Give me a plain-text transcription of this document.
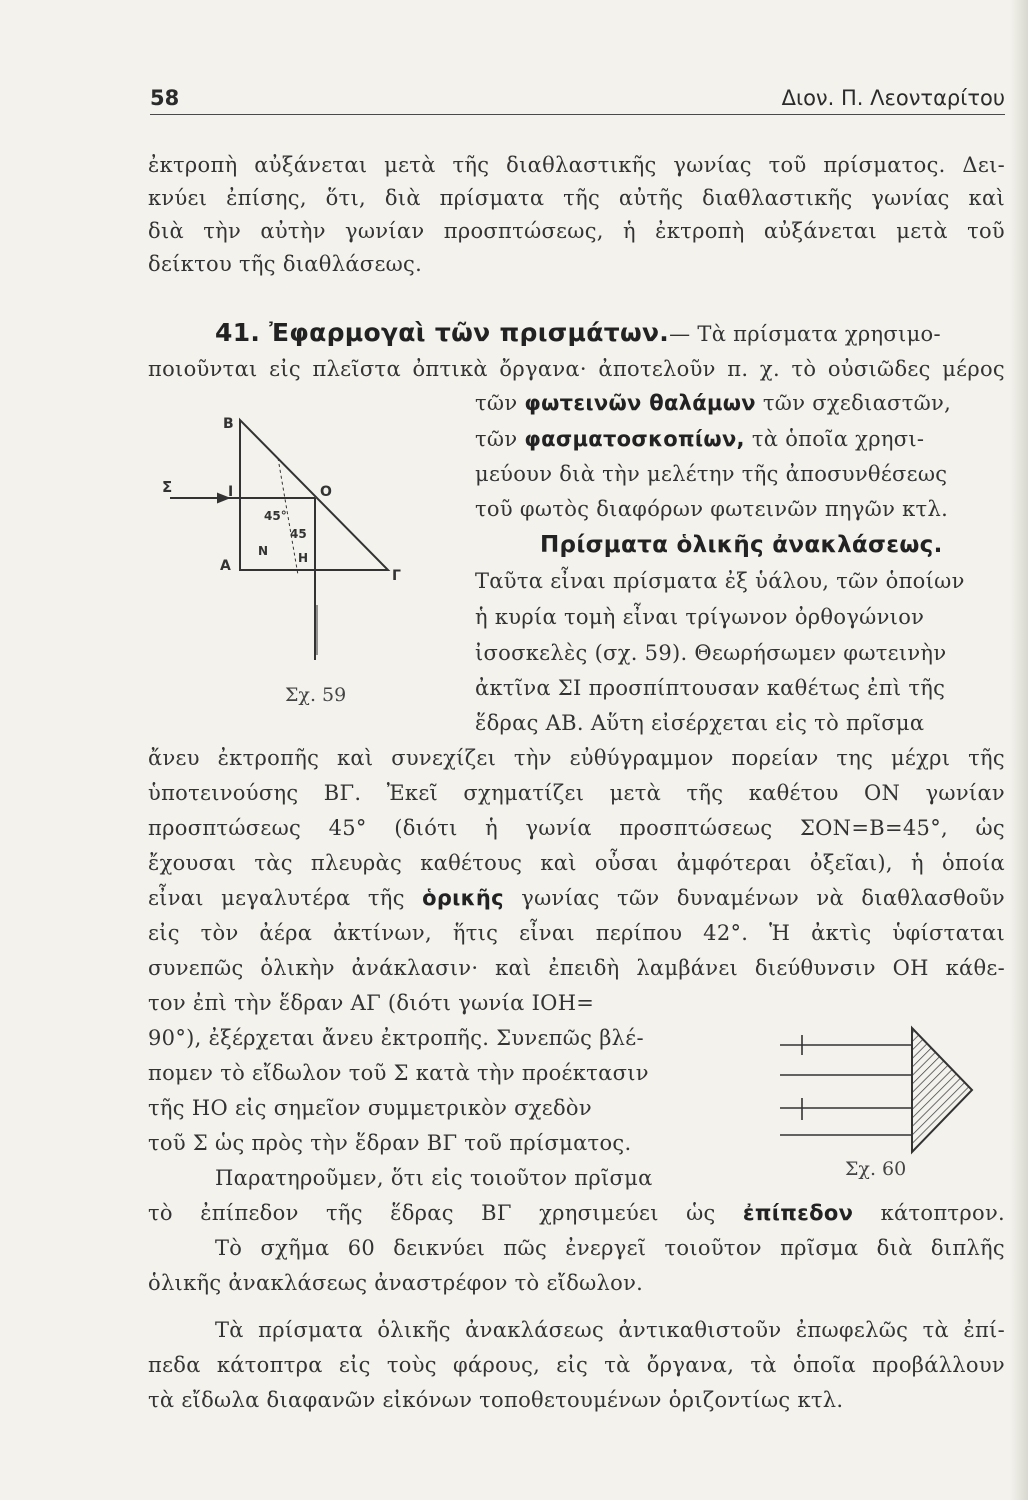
58	Διον. Π. Λεονταρίτου
ἐκτροπὴ αὐξάνεται μετὰ τῆς διαθλαστικῆς γωνίας τοῦ πρίσματος. Δει-
κνύει ἐπίσης, ὅτι, διὰ πρίσματα τῆς αὐτῆς διαθλαστικῆς γωνίας καὶ
διὰ τὴν αὐτὴν γωνίαν προσπτώσεως, ἡ ἐκτροπὴ αὐξάνεται μετὰ τοῦ
δείκτου τῆς διαθλάσεως.
41. Ἐφαρμογαὶ τῶν πρισμάτων.— Τὰ πρίσματα χρησιμο-
ποιοῦνται εἰς πλεῖστα ὀπτικὰ ὄργανα· ἀποτελοῦν π. χ. τὸ οὐσιῶδες μέρος
τῶν φωτεινῶν θαλάμων τῶν σχεδιαστῶν,
τῶν φασματοσκοπίων, τὰ ὁποῖα χρησι-
μεύουν διὰ τὴν μελέτην τῆς ἀποσυνθέσεως
τοῦ φωτὸς διαφόρων φωτεινῶν πηγῶν κτλ.
Πρίσματα ὁλικῆς ἀνακλάσεως.
Ταῦτα εἶναι πρίσματα ἐξ ὑάλου, τῶν ὁποίων
ἡ κυρία τομὴ εἶναι τρίγωνον ὀρθογώνιον
ἰσοσκελὲς (σχ. 59). Θεωρήσωμεν φωτεινὴν
ἀκτῖνα ΣΙ προσπίπτουσαν καθέτως ἐπὶ τῆς
ἕδρας ΑΒ. Αὕτη εἰσέρχεται εἰς τὸ πρῖσμα
ἄνευ ἐκτροπῆς καὶ συνεχίζει τὴν εὐθύγραμμον πορείαν της μέχρι τῆς
ὑποτεινούσης ΒΓ. Ἐκεῖ σχηματίζει μετὰ τῆς καθέτου ΟΝ γωνίαν
προσπτώσεως 45° (διότι ἡ γωνία προσπτώσεως ΣΟΝ=Β=45°, ὡς
ἔχουσαι τὰς πλευρὰς καθέτους καὶ οὖσαι ἀμφότεραι ὀξεῖαι), ἡ ὁποία
εἶναι μεγαλυτέρα τῆς ὁρικῆς γωνίας τῶν δυναμένων νὰ διαθλασθοῦν
εἰς τὸν ἀέρα ἀκτίνων, ἥτις εἶναι περίπου 42°. Ἡ ἀκτὶς ὑφίσταται
συνεπῶς ὁλικὴν ἀνάκλασιν· καὶ ἐπειδὴ λαμβάνει διεύθυνσιν ΟΗ κάθε-
τον ἐπὶ τὴν ἕδραν ΑΓ (διότι γωνία ΙΟΗ=
90°), ἐξέρχεται ἄνευ ἐκτροπῆς. Συνεπῶς βλέ-
πομεν τὸ εἴδωλον τοῦ Σ κατὰ τὴν προέκτασιν
τῆς ΗΟ εἰς σημεῖον συμμετρικὸν σχεδὸν
τοῦ Σ ὡς πρὸς τὴν ἕδραν ΒΓ τοῦ πρίσματος.
Παρατηροῦμεν, ὅτι εἰς τοιοῦτον πρῖσμα
τὸ ἐπίπεδον τῆς ἕδρας ΒΓ χρησιμεύει ὡς ἐπίπεδον κάτοπτρον.
Τὸ σχῆμα 60 δεικνύει πῶς ἐνεργεῖ τοιοῦτον πρῖσμα διὰ διπλῆς
ὁλικῆς ἀνακλάσεως ἀναστρέφον τὸ εἴδωλον.
Τὰ πρίσματα ὁλικῆς ἀνακλάσεως ἀντικαθιστοῦν ἐπωφελῶς τὰ ἐπί-
πεδα κάτοπτρα εἰς τοὺς φάρους, εἰς τὰ ὄργανα, τὰ ὁποῖα προβάλλουν
τὰ εἴδωλα διαφανῶν εἰκόνων τοποθετουμένων ὁριζοντίως κτλ.
Β
Σ	Ι	Ο
Α
Γ
Ν Η
45°
45
Σχ. 59
Σχ. 60
